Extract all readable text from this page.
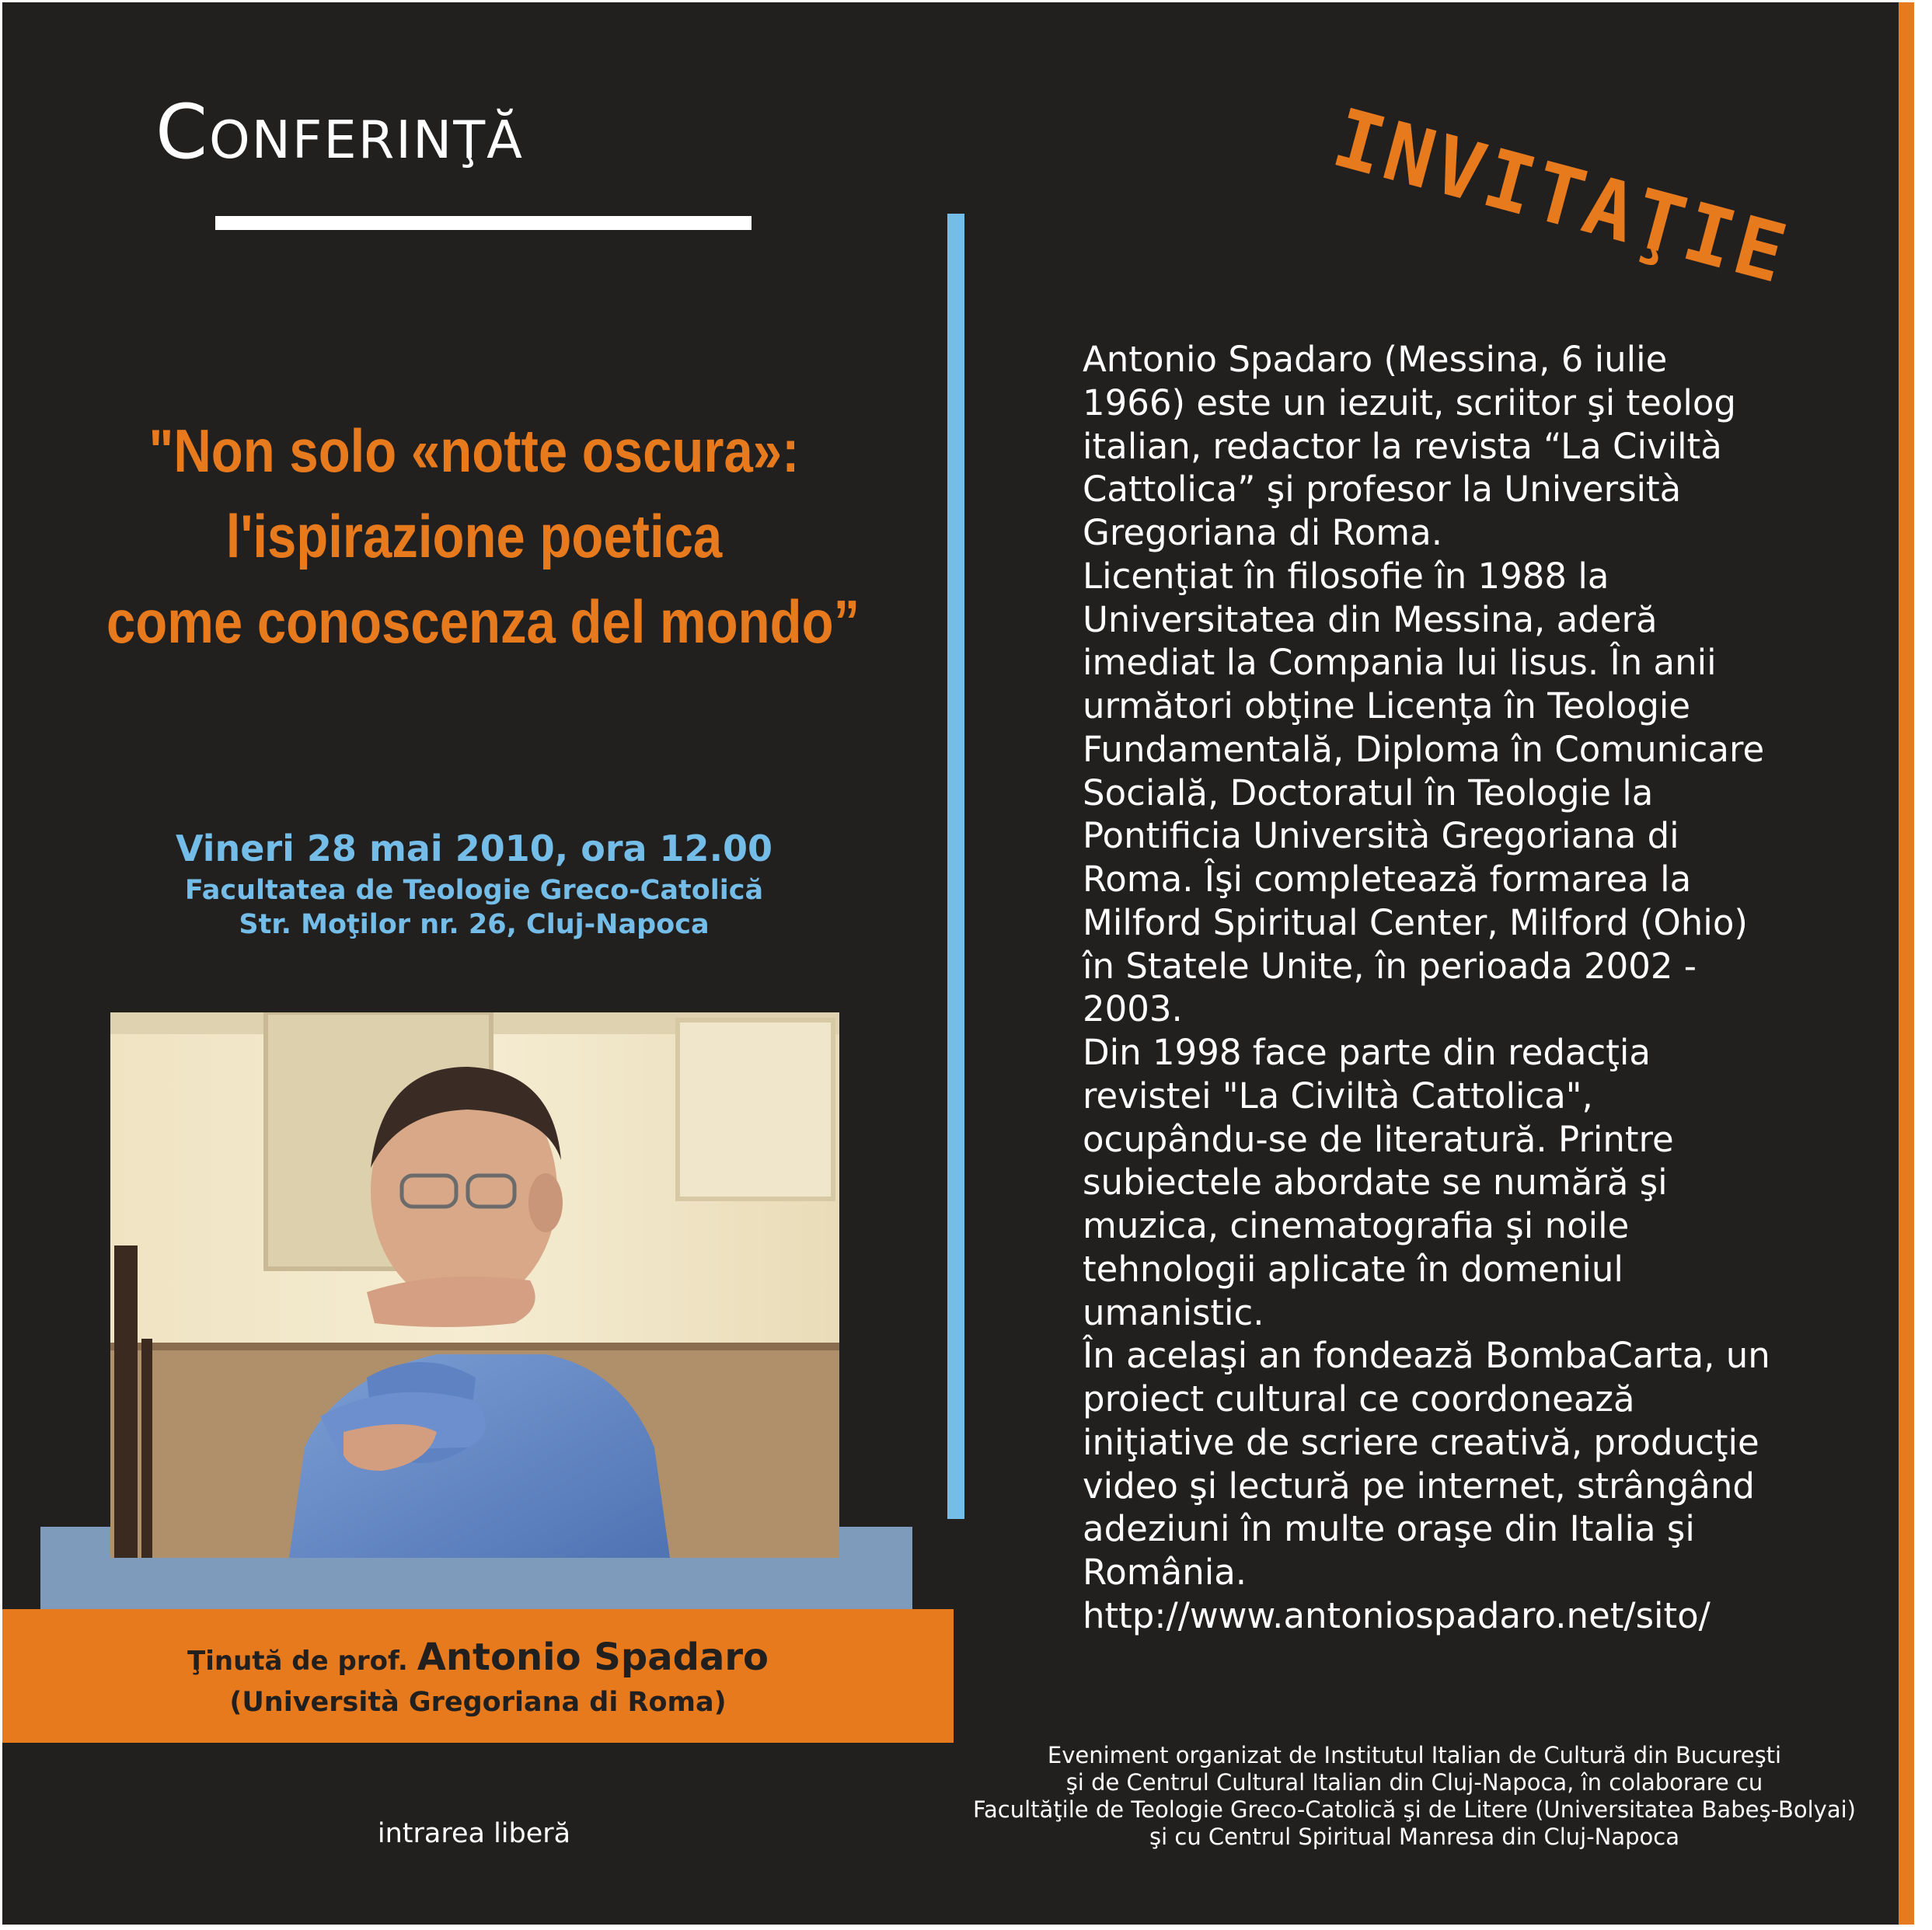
Conferinţă	INVITAŢIE
"Non solo «notte oscura»:
l'ispirazione poetica
come conoscenza del mondo”
Vineri 28 mai 2010, ora 12.00
Facultatea de Teologie Greco-Catolică
Str. Moţilor nr. 26, Cluj-Napoca
Ţinută de prof. Antonio Spadaro
(Università Gregoriana di Roma)
intrarea liberă
Antonio Spadaro (Messina, 6 iulie
1966) este un iezuit, scriitor şi teolog
italian, redactor la revista “La Civiltà
Cattolica” şi profesor la Università
Gregoriana di Roma.
Licenţiat în filosofie în 1988 la
Universitatea din Messina, aderă
imediat la Compania lui Iisus. În anii
următori obţine Licenţa în Teologie
Fundamentală, Diploma în Comunicare
Socială, Doctoratul în Teologie la
Pontificia Università Gregoriana di
Roma. Îşi completează formarea la
Milford Spiritual Center, Milford (Ohio)
în Statele Unite, în perioada 2002 -
2003.
Din 1998 face parte din redacţia
revistei "La Civiltà Cattolica",
ocupându-se de literatură. Printre
subiectele abordate se numără şi
muzica, cinematografia şi noile
tehnologii aplicate în domeniul
umanistic.
În acelaşi an fondează BombaCarta, un
proiect cultural ce coordonează
iniţiative de scriere creativă, producţie
video şi lectură pe internet, strângând
adeziuni în multe oraşe din Italia şi
România.
http://www.antoniospadaro.net/sito/
Eveniment organizat de Institutul Italian de Cultură din Bucureşti
şi de Centrul Cultural Italian din Cluj-Napoca, în colaborare cu
Facultăţile de Teologie Greco-Catolică şi de Litere (Universitatea Babeş-Bolyai)
şi cu Centrul Spiritual Manresa din Cluj-Napoca
